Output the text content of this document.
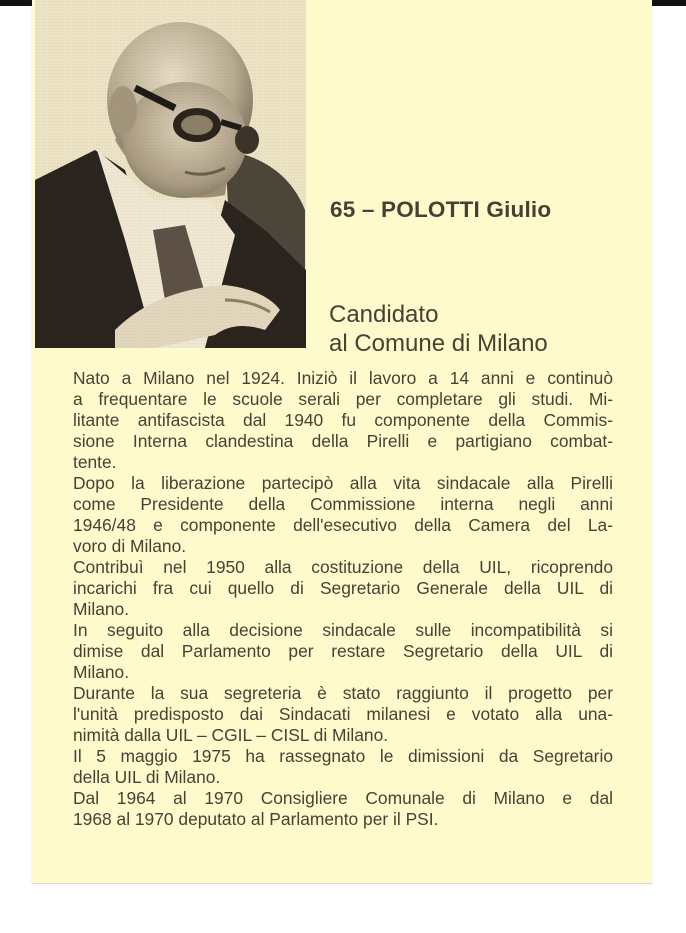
65 – POLOTTI Giulio
Candidato
al Comune di Milano
Nato a Milano nel 1924. Iniziò il lavoro a 14 anni e continuò
a frequentare le scuole serali per completare gli studi. Mi-
litante antifascista dal 1940 fu componente della Commis-
sione Interna clandestina della Pirelli e partigiano combat-
tente.
Dopo la liberazione partecipò alla vita sindacale alla Pirelli
come Presidente della Commissione interna negli anni
1946/48 e componente dell'esecutivo della Camera del La-
voro di Milano.
Contribuì nel 1950 alla costituzione della UIL, ricoprendo
incarichi fra cui quello di Segretario Generale della UIL di
Milano.
In seguito alla decisione sindacale sulle incompatibilità si
dimise dal Parlamento per restare Segretario della UIL di
Milano.
Durante la sua segreteria è stato raggiunto il progetto per
l'unità predisposto dai Sindacati milanesi e votato alla una-
nimità dalla UIL – CGIL – CISL di Milano.
Il 5 maggio 1975 ha rassegnato le dimissioni da Segretario
della UIL di Milano.
Dal 1964 al 1970 Consigliere Comunale di Milano e dal
1968 al 1970 deputato al Parlamento per il PSI.
